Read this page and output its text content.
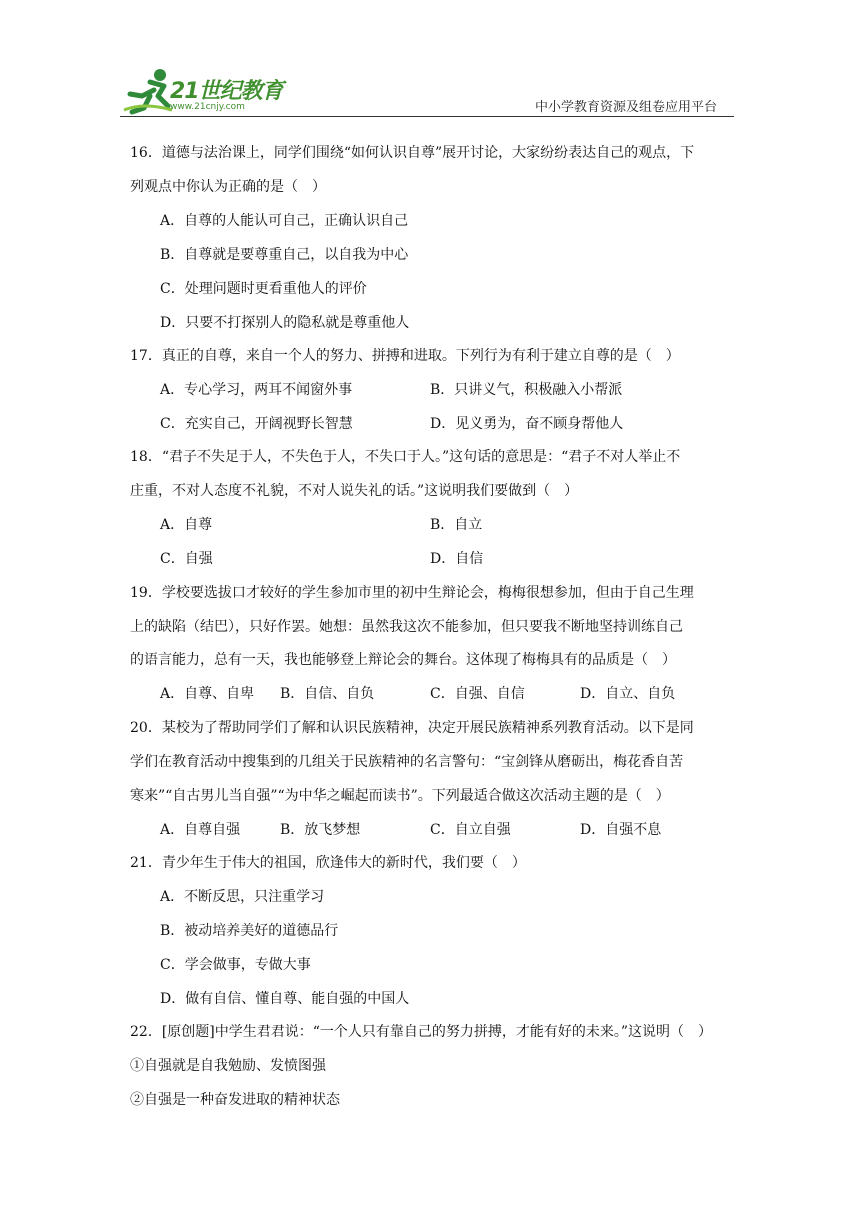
21世纪教育
www.21cnjy.com	中小学教育资源及组卷应用平台
16．道德与法治课上，同学们围绕“如何认识自尊”展开讨论，大家纷纷表达自己的观点，下
列观点中你认为正确的是（　）
A．自尊的人能认可自己，正确认识自己
B．自尊就是要尊重自己，以自我为中心
C．处理问题时更看重他人的评价
D．只要不打探别人的隐私就是尊重他人
17．真正的自尊，来自一个人的努力、拼搏和进取。下列行为有利于建立自尊的是（　）
A．专心学习，两耳不闻窗外事	B．只讲义气，积极融入小帮派
C．充实自己，开阔视野长智慧	D．见义勇为，奋不顾身帮他人
18．“君子不失足于人，不失色于人，不失口于人。”这句话的意思是：“君子不对人举止不
庄重，不对人态度不礼貌，不对人说失礼的话。”这说明我们要做到（　）
A．自尊	B．自立
C．自强	D．自信
19．学校要选拔口才较好的学生参加市里的初中生辩论会，梅梅很想参加，但由于自己生理
上的缺陷（结巴），只好作罢。她想：虽然我这次不能参加，但只要我不断地坚持训练自己
的语言能力，总有一天，我也能够登上辩论会的舞台。这体现了梅梅具有的品质是（　）
A．自尊、自卑 B．自信、自负	C．自强、自信	D．自立、自负
20．某校为了帮助同学们了解和认识民族精神，决定开展民族精神系列教育活动。以下是同
学们在教育活动中搜集到的几组关于民族精神的名言警句：“宝剑锋从磨砺出，梅花香自苦
寒来”“自古男儿当自强”“为中华之崛起而读书”。下列最适合做这次活动主题的是（　）
A．自尊自强	B．放飞梦想	C．自立自强	D．自强不息
21．青少年生于伟大的祖国，欣逢伟大的新时代，我们要（　）
A．不断反思，只注重学习
B．被动培养美好的道德品行
C．学会做事，专做大事
D．做有自信、懂自尊、能自强的中国人
22．[原创题]中学生君君说：“一个人只有靠自己的努力拼搏，才能有好的未来。”这说明（　）
①自强就是自我勉励、发愤图强
②自强是一种奋发进取的精神状态
